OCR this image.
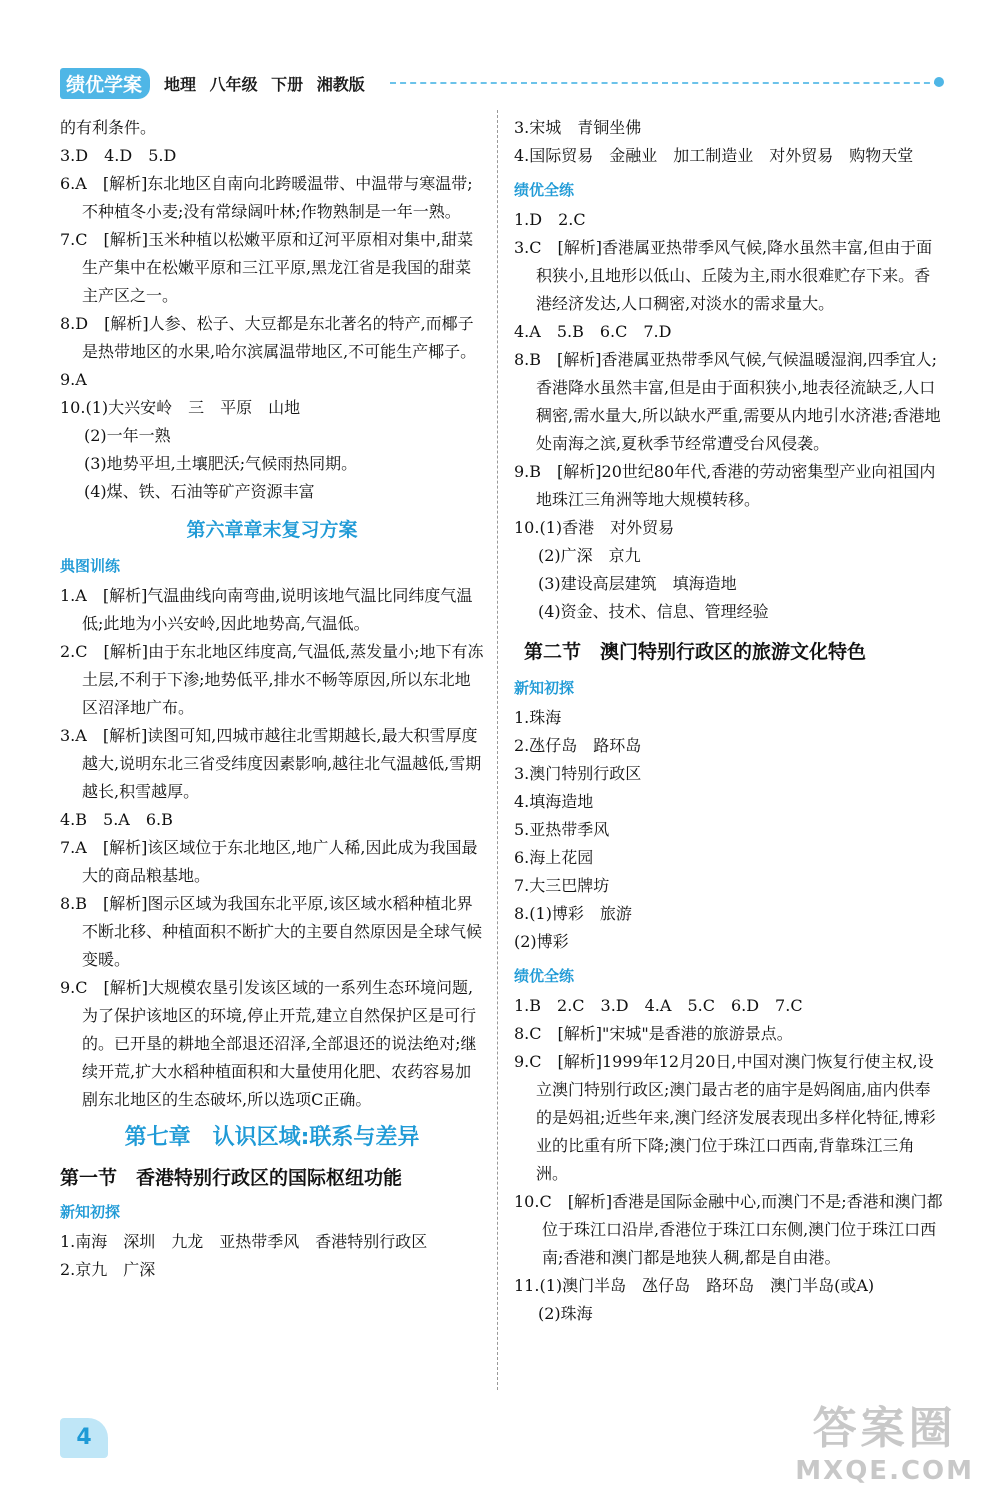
绩优学案	地理 八年级 下册 湘教版
的有利条件。
3.D　4.D　5.D
6.A　[解析]东北地区自南向北跨暖温带、中温带与寒温带;不种植冬小麦;没有常绿阔叶林;作物熟制是一年一熟。
7.C　[解析]玉米种植以松嫩平原和辽河平原相对集中,甜菜生产集中在松嫩平原和三江平原,黑龙江省是我国的甜菜主产区之一。
8.D　[解析]人参、松子、大豆都是东北著名的特产,而椰子是热带地区的水果,哈尔滨属温带地区,不可能生产椰子。
9.A
10.(1)大兴安岭　三　平原　山地
(2)一年一熟
(3)地势平坦,土壤肥沃;气候雨热同期。
(4)煤、铁、石油等矿产资源丰富
第六章章末复习方案
典图训练
1.A　[解析]气温曲线向南弯曲,说明该地气温比同纬度气温低;此地为小兴安岭,因此地势高,气温低。
2.C　[解析]由于东北地区纬度高,气温低,蒸发量小;地下有冻土层,不利于下渗;地势低平,排水不畅等原因,所以东北地区沼泽地广布。
3.A　[解析]读图可知,四城市越往北雪期越长,最大积雪厚度越大,说明东北三省受纬度因素影响,越往北气温越低,雪期越长,积雪越厚。
4.B　5.A　6.B
7.A　[解析]该区域位于东北地区,地广人稀,因此成为我国最大的商品粮基地。
8.B　[解析]图示区域为我国东北平原,该区域水稻种植北界不断北移、种植面积不断扩大的主要自然原因是全球气候变暖。
9.C　[解析]大规模农垦引发该区域的一系列生态环境问题,为了保护该地区的环境,停止开荒,建立自然保护区是可行的。已开垦的耕地全部退还沼泽,全部退还的说法绝对;继续开荒,扩大水稻种植面积和大量使用化肥、农药容易加剧东北地区的生态破坏,所以选项C正确。
第七章　认识区域:联系与差异
第一节　香港特别行政区的国际枢纽功能
新知初探
1.南海　深圳　九龙　亚热带季风　香港特别行政区
2.京九　广深
3.宋城　青铜坐佛
4.国际贸易　金融业　加工制造业　对外贸易　购物天堂
绩优全练
1.D　2.C
3.C　[解析]香港属亚热带季风气候,降水虽然丰富,但由于面积狭小,且地形以低山、丘陵为主,雨水很难贮存下来。香港经济发达,人口稠密,对淡水的需求量大。
4.A　5.B　6.C　7.D
8.B　[解析]香港属亚热带季风气候,气候温暖湿润,四季宜人;香港降水虽然丰富,但是由于面积狭小,地表径流缺乏,人口稠密,需水量大,所以缺水严重,需要从内地引水济港;香港地处南海之滨,夏秋季节经常遭受台风侵袭。
9.B　[解析]20世纪80年代,香港的劳动密集型产业向祖国内地珠江三角洲等地大规模转移。
10.(1)香港　对外贸易
(2)广深　京九
(3)建设高层建筑　填海造地
(4)资金、技术、信息、管理经验
第二节　澳门特别行政区的旅游文化特色
新知初探
1.珠海
2.氹仔岛　路环岛
3.澳门特别行政区
4.填海造地
5.亚热带季风
6.海上花园
7.大三巴牌坊
8.(1)博彩　旅游
(2)博彩
绩优全练
1.B　2.C　3.D　4.A　5.C　6.D　7.C
8.C　[解析]"宋城"是香港的旅游景点。
9.C　[解析]1999年12月20日,中国对澳门恢复行使主权,设立澳门特别行政区;澳门最古老的庙宇是妈阁庙,庙内供奉的是妈祖;近些年来,澳门经济发展表现出多样化特征,博彩业的比重有所下降;澳门位于珠江口西南,背靠珠江三角洲。
10.C　[解析]香港是国际金融中心,而澳门不是;香港和澳门都位于珠江口沿岸,香港位于珠江口东侧,澳门位于珠江口西南;香港和澳门都是地狭人稠,都是自由港。
11.(1)澳门半岛　氹仔岛　路环岛　澳门半岛(或A)
(2)珠海
4	答案圈
MXQE.COM
